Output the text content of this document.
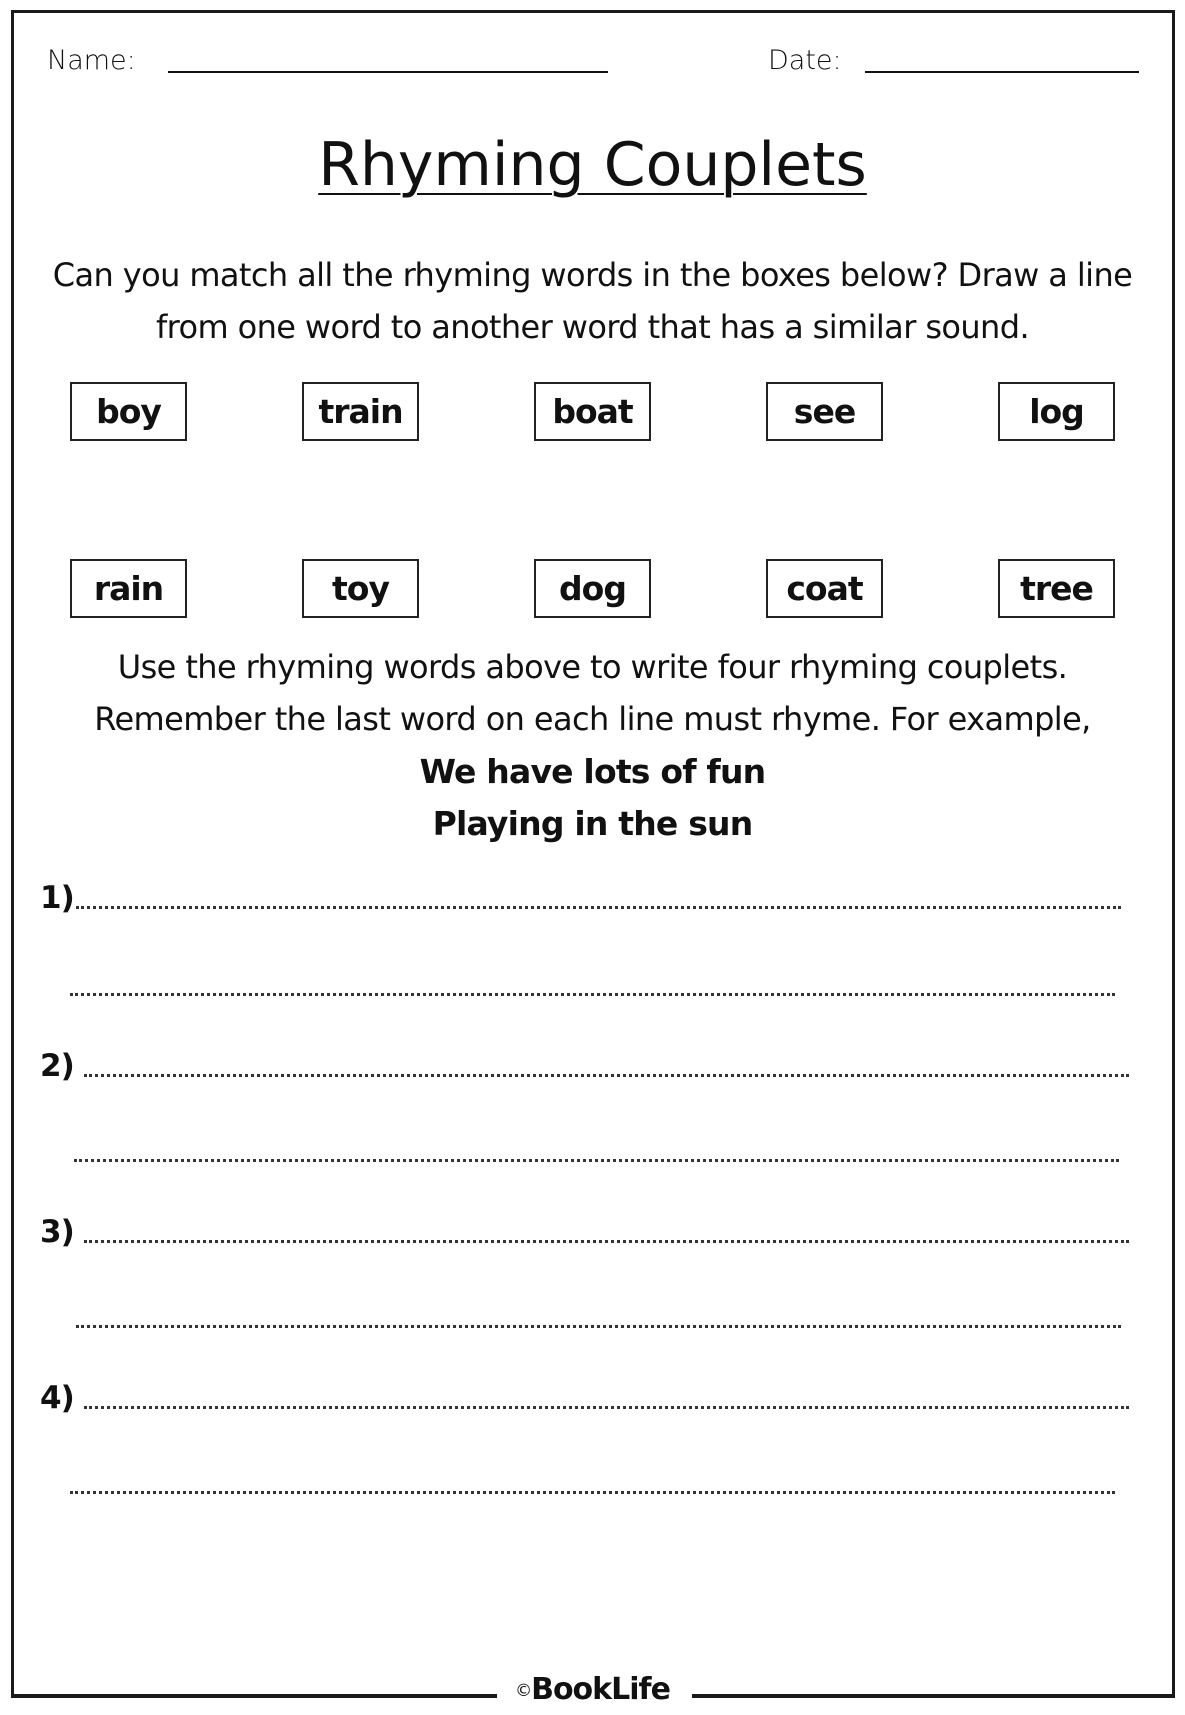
Name:	Date:
Rhyming Couplets
Can you match all the rhyming words in the boxes below? Draw a line
from one word to another word that has a similar sound.
boy	train	boat	see	log
rain	toy	dog	coat	tree
Use the rhyming words above to write four rhyming couplets.
Remember the last word on each line must rhyme. For example,
We have lots of fun
Playing in the sun
1)
2)
3)
4)
©BookLife
